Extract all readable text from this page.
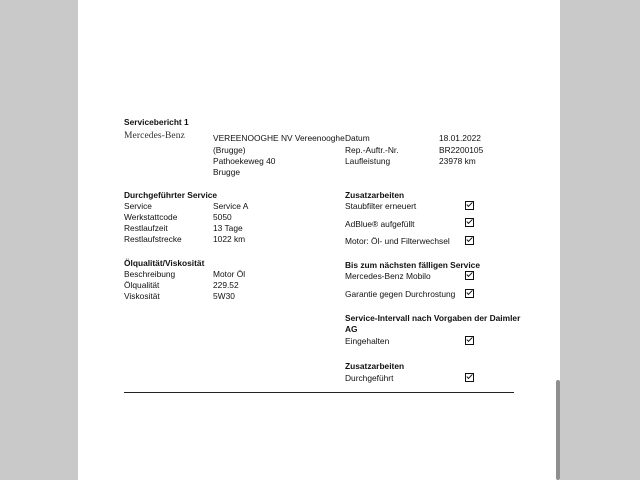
Servicebericht 1
Mercedes-Benz	VEREENOOGHE NV Vereenooghe
(Brugge)
Pathoekeweg 40
Brugge
Datum	18.01.2022
Rep.-Auftr.-Nr.	BR2200105
Laufleistung	23978 km
Durchgeführter Service
Service	Service A
Werkstattcode	5050
Restlaufzeit	13 Tage
Restlaufstrecke	1022 km
Ölqualität/Viskosität
Beschreibung	Motor Öl
Ölqualität	229.52
Viskosität	5W30
Zusatzarbeiten
Staubfilter erneuert
AdBlue® aufgefüllt
Motor: Öl- und Filterwechsel
Bis zum nächsten fälligen Service
Mercedes-Benz Mobilo
Garantie gegen Durchrostung
Service-Intervall nach Vorgaben der Daimler
AG
Eingehalten
Zusatzarbeiten
Durchgeführt
